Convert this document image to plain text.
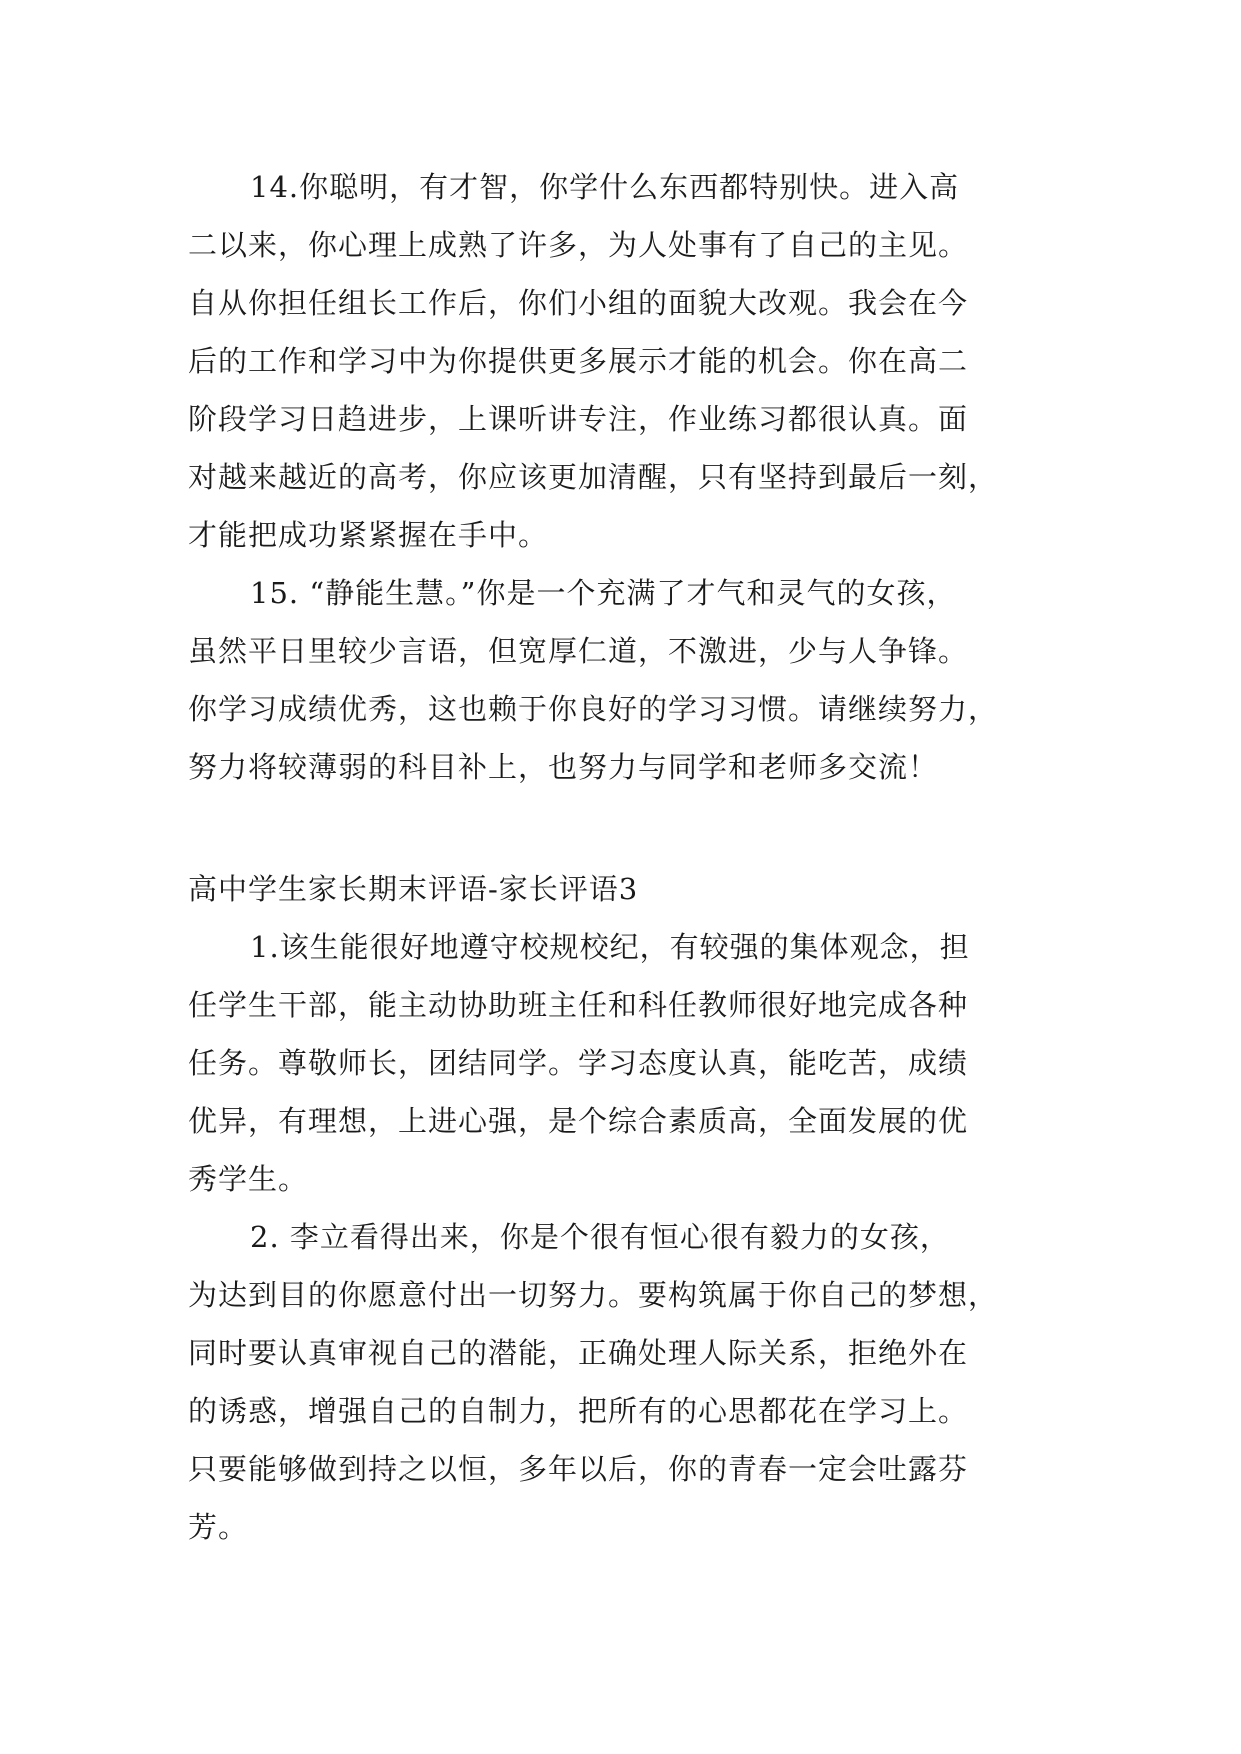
14.你聪明，有才智，你学什么东西都特别快。进入高
二以来，你心理上成熟了许多，为人处事有了自己的主见。
自从你担任组长工作后，你们小组的面貌大改观。我会在今
后的工作和学习中为你提供更多展示才能的机会。你在高二
阶段学习日趋进步，上课听讲专注，作业练习都很认真。面
对越来越近的高考，你应该更加清醒，只有坚持到最后一刻，
才能把成功紧紧握在手中。
15. “静能生慧。”你是一个充满了才气和灵气的女孩，
虽然平日里较少言语，但宽厚仁道，不激进，少与人争锋。
你学习成绩优秀，这也赖于你良好的学习习惯。请继续努力，
努力将较薄弱的科目补上，也努力与同学和老师多交流！
高中学生家长期末评语-家长评语3
1.该生能很好地遵守校规校纪，有较强的集体观念，担
任学生干部，能主动协助班主任和科任教师很好地完成各种
任务。尊敬师长，团结同学。学习态度认真，能吃苦，成绩
优异，有理想，上进心强，是个综合素质高，全面发展的优
秀学生。
2. 李立看得出来，你是个很有恒心很有毅力的女孩，
为达到目的你愿意付出一切努力。要构筑属于你自己的梦想，
同时要认真审视自己的潜能，正确处理人际关系，拒绝外在
的诱惑，增强自己的自制力，把所有的心思都花在学习上。
只要能够做到持之以恒，多年以后，你的青春一定会吐露芬
芳。
